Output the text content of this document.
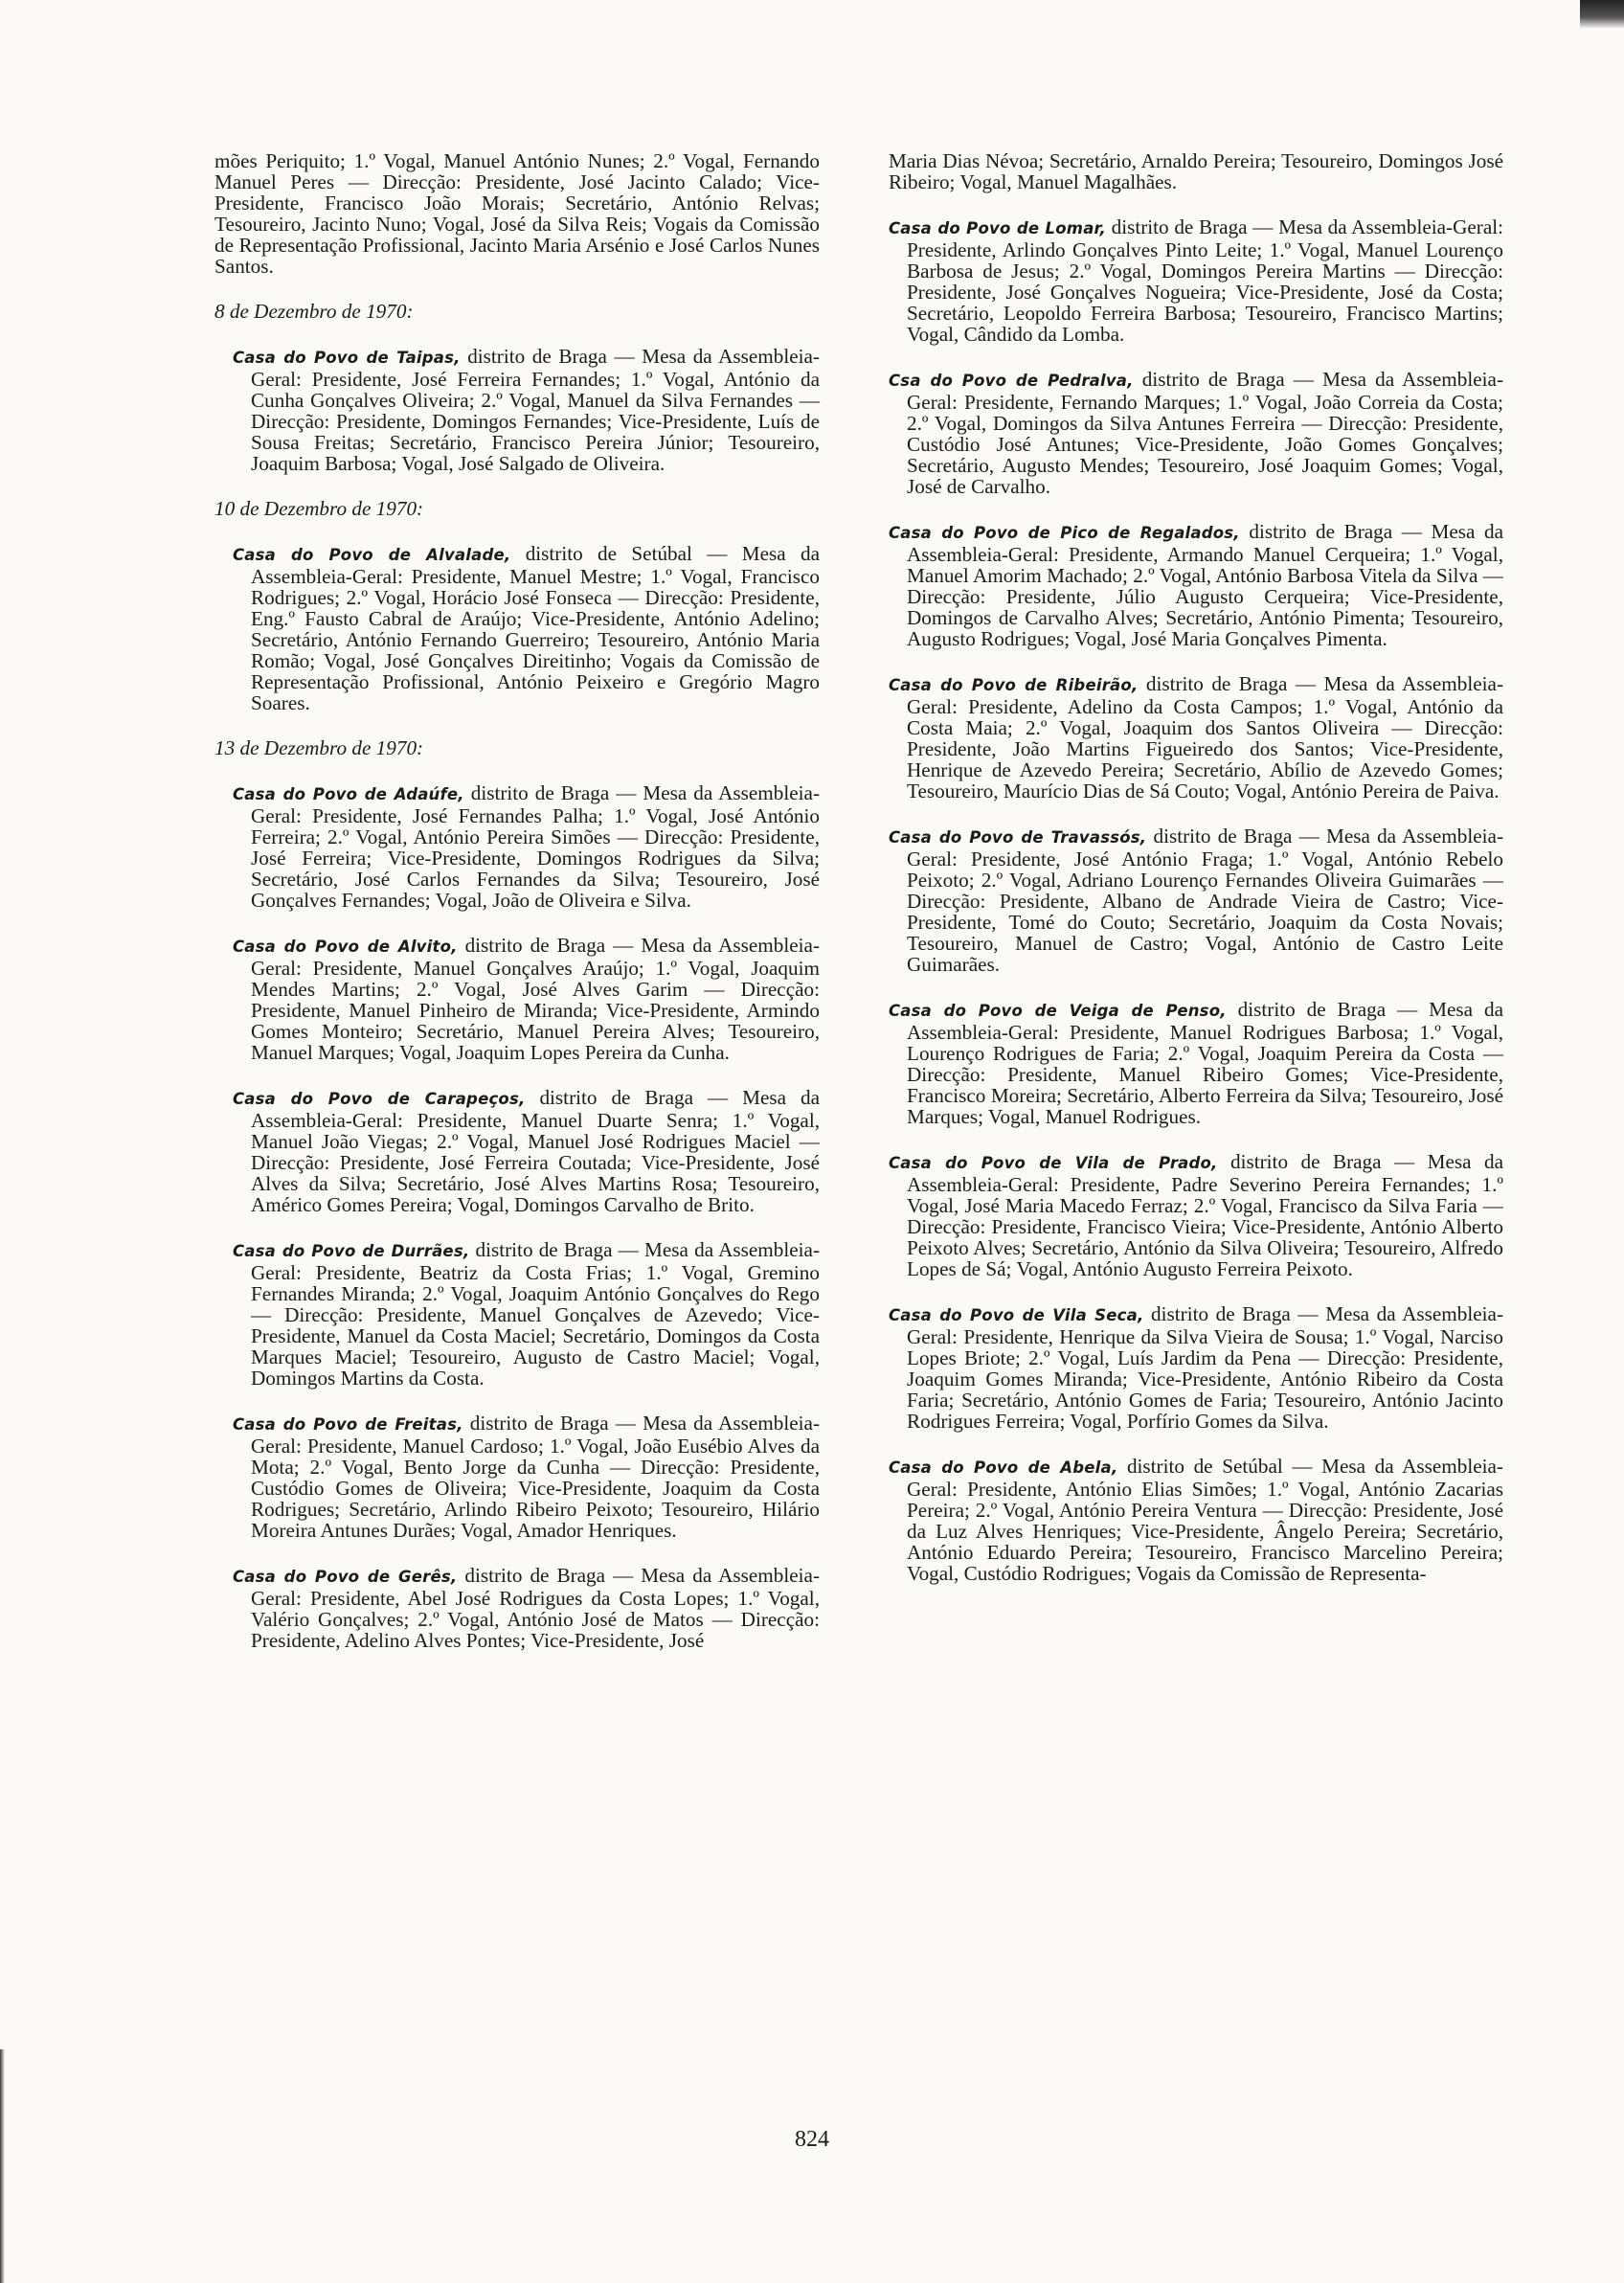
mões Periquito; 1.º Vogal, Manuel António Nunes; 2.º Vogal, Fernando Manuel Peres — Direcção: Presidente, José Jacinto Calado; Vice-Presidente, Francisco João Morais; Secretário, António Relvas; Tesoureiro, Jacinto Nuno; Vogal, José da Silva Reis; Vogais da Comissão de Representação Profissional, Jacinto Maria Arsénio e José Carlos Nunes Santos.
8 de Dezembro de 1970:

Casa do Povo de Taipas, distrito de Braga — Mesa da Assembleia-Geral: Presidente, José Ferreira Fernandes; 1.º Vogal, António da Cunha Gonçalves Oliveira; 2.º Vogal, Manuel da Silva Fernandes — Direcção: Presidente, Domingos Fernandes; Vice-Presidente, Luís de Sousa Freitas; Secretário, Francisco Pereira Júnior; Tesoureiro, Joaquim Barbosa; Vogal, José Salgado de Oliveira.

10 de Dezembro de 1970:

Casa do Povo de Alvalade, distrito de Setúbal — Mesa da Assembleia-Geral: Presidente, Manuel Mestre; 1.º Vogal, Francisco Rodrigues; 2.º Vogal, Horácio José Fonseca — Direcção: Presidente, Eng.º Fausto Cabral de Araújo; Vice-Presidente, António Adelino; Secretário, António Fernando Guerreiro; Tesoureiro, António Maria Romão; Vogal, José Gonçalves Direitinho; Vogais da Comissão de Representação Profissional, António Peixeiro e Gregório Magro Soares.

13 de Dezembro de 1970:

Casa do Povo de Adaúfe, distrito de Braga — Mesa da Assembleia-Geral: Presidente, José Fernandes Palha; 1.º Vogal, José António Ferreira; 2.º Vogal, António Pereira Simões — Direcção: Presidente, José Ferreira; Vice-Presidente, Domingos Rodrigues da Silva; Secretário, José Carlos Fernandes da Silva; Tesoureiro, José Gonçalves Fernandes; Vogal, João de Oliveira e Silva.

Casa do Povo de Alvito, distrito de Braga — Mesa da Assembleia-Geral: Presidente, Manuel Gonçalves Araújo; 1.º Vogal, Joaquim Mendes Martins; 2.º Vogal, José Alves Garim — Direcção: Presidente, Manuel Pinheiro de Miranda; Vice-Presidente, Armindo Gomes Monteiro; Secretário, Manuel Pereira Alves; Tesoureiro, Manuel Marques; Vogal, Joaquim Lopes Pereira da Cunha.

Casa do Povo de Carapeços, distrito de Braga — Mesa da Assembleia-Geral: Presidente, Manuel Duarte Senra; 1.º Vogal, Manuel João Viegas; 2.º Vogal, Manuel José Rodrigues Maciel — Direcção: Presidente, José Ferreira Coutada; Vice-Presidente, José Alves da Silva; Secretário, José Alves Martins Rosa; Tesoureiro, Américo Gomes Pereira; Vogal, Domingos Carvalho de Brito.

Casa do Povo de Durrães, distrito de Braga — Mesa da Assembleia-Geral: Presidente, Beatriz da Costa Frias; 1.º Vogal, Gremino Fernandes Miranda; 2.º Vogal, Joaquim António Gonçalves do Rego — Direcção: Presidente, Manuel Gonçalves de Azevedo; Vice-Presidente, Manuel da Costa Maciel; Secretário, Domingos da Costa Marques Maciel; Tesoureiro, Augusto de Castro Maciel; Vogal, Domingos Martins da Costa.

Casa do Povo de Freitas, distrito de Braga — Mesa da Assembleia-Geral: Presidente, Manuel Cardoso; 1.º Vogal, João Eusébio Alves da Mota; 2.º Vogal, Bento Jorge da Cunha — Direcção: Presidente, Custódio Gomes de Oliveira; Vice-Presidente, Joaquim da Costa Rodrigues; Secretário, Arlindo Ribeiro Peixoto; Tesoureiro, Hilário Moreira Antunes Durães; Vogal, Amador Henriques.

Casa do Povo de Gerês, distrito de Braga — Mesa da Assembleia-Geral: Presidente, Abel José Rodrigues da Costa Lopes; 1.º Vogal, Valério Gonçalves; 2.º Vogal, António José de Matos — Direcção: Presidente, Adelino Alves Pontes; Vice-Presidente, José

Maria Dias Névoa; Secretário, Arnaldo Pereira; Tesoureiro, Domingos José Ribeiro; Vogal, Manuel Magalhães.

Casa do Povo de Lomar, distrito de Braga — Mesa da Assembleia-Geral: Presidente, Arlindo Gonçalves Pinto Leite; 1.º Vogal, Manuel Lourenço Barbosa de Jesus; 2.º Vogal, Domingos Pereira Martins — Direcção: Presidente, José Gonçalves Nogueira; Vice-Presidente, José da Costa; Secretário, Leopoldo Ferreira Barbosa; Tesoureiro, Francisco Martins; Vogal, Cândido da Lomba.

Csa do Povo de Pedralva, distrito de Braga — Mesa da Assembleia-Geral: Presidente, Fernando Marques; 1.º Vogal, João Correia da Costa; 2.º Vogal, Domingos da Silva Antunes Ferreira — Direcção: Presidente, Custódio José Antunes; Vice-Presidente, João Gomes Gonçalves; Secretário, Augusto Mendes; Tesoureiro, José Joaquim Gomes; Vogal, José de Carvalho.

Casa do Povo de Pico de Regalados, distrito de Braga — Mesa da Assembleia-Geral: Presidente, Armando Manuel Cerqueira; 1.º Vogal, Manuel Amorim Machado; 2.º Vogal, António Barbosa Vitela da Silva — Direcção: Presidente, Júlio Augusto Cerqueira; Vice-Presidente, Domingos de Carvalho Alves; Secretário, António Pimenta; Tesoureiro, Augusto Rodrigues; Vogal, José Maria Gonçalves Pimenta.

Casa do Povo de Ribeirão, distrito de Braga — Mesa da Assembleia-Geral: Presidente, Adelino da Costa Campos; 1.º Vogal, António da Costa Maia; 2.º Vogal, Joaquim dos Santos Oliveira — Direcção: Presidente, João Martins Figueiredo dos Santos; Vice-Presidente, Henrique de Azevedo Pereira; Secretário, Abílio de Azevedo Gomes; Tesoureiro, Maurício Dias de Sá Couto; Vogal, António Pereira de Paiva.

Casa do Povo de Travassós, distrito de Braga — Mesa da Assembleia-Geral: Presidente, José António Fraga; 1.º Vogal, António Rebelo Peixoto; 2.º Vogal, Adriano Lourenço Fernandes Oliveira Guimarães — Direcção: Presidente, Albano de Andrade Vieira de Castro; Vice-Presidente, Tomé do Couto; Secretário, Joaquim da Costa Novais; Tesoureiro, Manuel de Castro; Vogal, António de Castro Leite Guimarães.

Casa do Povo de Veiga de Penso, distrito de Braga — Mesa da Assembleia-Geral: Presidente, Manuel Rodrigues Barbosa; 1.º Vogal, Lourenço Rodrigues de Faria; 2.º Vogal, Joaquim Pereira da Costa — Direcção: Presidente, Manuel Ribeiro Gomes; Vice-Presidente, Francisco Moreira; Secretário, Alberto Ferreira da Silva; Tesoureiro, José Marques; Vogal, Manuel Rodrigues.

Casa do Povo de Vila de Prado, distrito de Braga — Mesa da Assembleia-Geral: Presidente, Padre Severino Pereira Fernandes; 1.º Vogal, José Maria Macedo Ferraz; 2.º Vogal, Francisco da Silva Faria — Direcção: Presidente, Francisco Vieira; Vice-Presidente, António Alberto Peixoto Alves; Secretário, António da Silva Oliveira; Tesoureiro, Alfredo Lopes de Sá; Vogal, António Augusto Ferreira Peixoto.

Casa do Povo de Vila Seca, distrito de Braga — Mesa da Assembleia-Geral: Presidente, Henrique da Silva Vieira de Sousa; 1.º Vogal, Narciso Lopes Briote; 2.º Vogal, Luís Jardim da Pena — Direcção: Presidente, Joaquim Gomes Miranda; Vice-Presidente, António Ribeiro da Costa Faria; Secretário, António Gomes de Faria; Tesoureiro, António Jacinto Rodrigues Ferreira; Vogal, Porfírio Gomes da Silva.

Casa do Povo de Abela, distrito de Setúbal — Mesa da Assembleia-Geral: Presidente, António Elias Simões; 1.º Vogal, António Zacarias Pereira; 2.º Vogal, António Pereira Ventura — Direcção: Presidente, José da Luz Alves Henriques; Vice-Presidente, Ângelo Pereira; Secretário, António Eduardo Pereira; Tesoureiro, Francisco Marcelino Pereira; Vogal, Custódio Rodrigues; Vogais da Comissão de Representa-

824
